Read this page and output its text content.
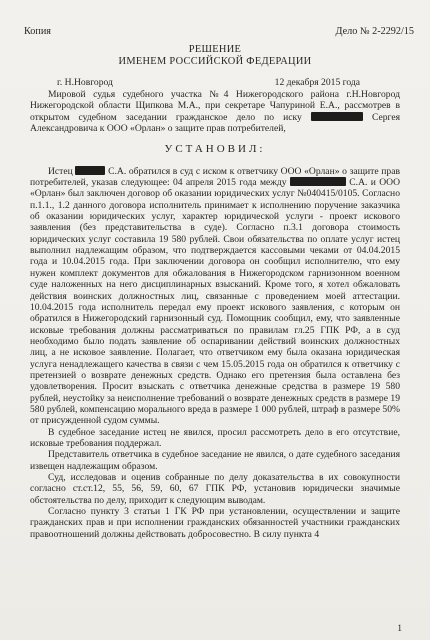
Копия	Дело № 2-2292/15
РЕШЕНИЕ
ИМЕНЕМ РОССИЙСКОЙ ФЕДЕРАЦИИ
г. Н.Новгород	12 декабря 2015 года
Мировой судья судебного участка №4 Нижегородского района г.Н.Новгород Нижегородской области Щипкова М.А., при секретаре Чапуриной Е.А., рассмотрев в открытом судебном заседании гражданское дело по иску	Сергея Александровича к ООО «Орлан» о защите прав потребителей,
УСТАНОВИЛ:
Истец	С.А. обратился в суд с иском к ответчику ООО «Орлан» о защите прав потребителей, указав следующее: 04 апреля 2015 года между	С.А. и ООО «Орлан» был заключен договор об оказании юридических услуг №040415/0105. Согласно п.1.1., 1.2 данного договора исполнитель принимает к исполнению поручение заказчика об оказании юридических услуг, характер юридической услуги - проект искового заявления (без представительства в суде). Согласно п.3.1 договора стоимость юридических услуг составила 19 580 рублей. Свои обязательства по оплате услуг истец выполнил надлежащим образом, что подтверждается кассовыми чеками от 04.04.2015 года и 10.04.2015 года. При заключении договора он сообщил исполнителю, что ему нужен комплект документов для обжалования в Нижегородском гарнизонном военном суде наложенных на него дисциплинарных взысканий. Кроме того, я хотел обжаловать действия воинских должностных лиц, связанные с проведением моей аттестации. 10.04.2015 года исполнитель передал ему проект искового заявления, с которым он обратился в Нижегородский гарнизонный суд. Помощник сообщил, ему, что заявленные исковые требования должны рассматриваться по правилам гл.25 ГПК РФ, а в суд необходимо было подать заявление об оспаривании действий воинских должностных лиц, а не исковое заявление. Полагает, что ответчиком ему была оказана юридическая услуга ненадлежащего качества в связи с чем 15.05.2015 года он обратился к ответчику с претензией о возврате денежных средств. Однако его претензия была оставлена без удовлетворения. Просит взыскать с ответчика денежные средства в размере 19 580 рублей, неустойку за неисполнение требований о возврате денежных средств в размере 19 580 рублей, компенсацию морального вреда в размере 1 000 рублей, штраф в размере 50% от присужденной судом суммы.
В судебное заседание истец не явился, просил рассмотреть дело в его отсутствие, исковые требования поддержал.
Представитель ответчика в судебное заседание не явился, о дате судебного заседания извещен надлежащим образом.
Суд, исследовав и оценив собранные по делу доказательства в их совокупности согласно ст.ст.12, 55, 56, 59, 60, 67 ГПК РФ, установив юридически значимые обстоятельства по делу, приходит к следующим выводам.
Согласно пункту 3 статьи 1 ГК РФ при установлении, осуществлении и защите гражданских прав и при исполнении гражданских обязанностей участники гражданских правоотношений должны действовать добросовестно. В силу пункта 4
1
